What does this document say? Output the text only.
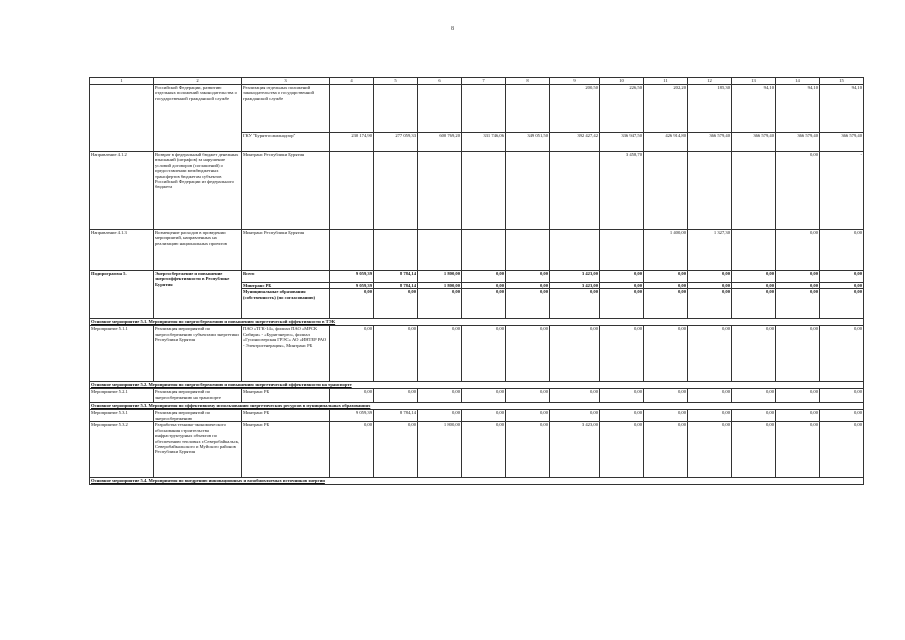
8
1	2	3	4	5	6	7	8	9	10	11	12	13	14	15
	Российской Федерации, развитию отдельных положений законодательства о государственной гражданской службе	Реализация отдельных положений законодательства о государственной гражданской службе						200,50	226,50	202,20	185,30	94,10	94,10	94,10
		ГКУ "Бурятгосжилнадзор"	230 174,90	277 059,33	600 769,20	331 746,06	349 051,50	392 427,42	336 947,50	426 914,80	366 579,40	366 579,40	366 579,40	366 579,40
Направление 4.1.2	Возврат в федеральный бюджет денежных взысканий (штрафов) за нарушение условий договоров (соглашений) о предоставлении межбюджетных трансфертов бюджетам субъектов Российской Федерации из федерального бюджета	Минтранс Республики Бурятия							3 458,70				0,00	-
Направление 4.1.3	Возмещение расходов в проведении мероприятий, направленных на реализацию национальных проектов	Минтранс Республики Бурятия								1 400,00	1 327,30		0,00	0,00
Подпрограмма 5.	Энергосбережение и повышение энергоэффективности в Республике Бурятия	Всего	9 059,39	8 784,14	1 800,00	0,00	0,00	3 423,00	0,00	0,00	0,00	0,00	0,00	0,00
		Минтранс РБ	9 059,39	8 784,14	1 800,00	0,00	0,00	3 423,00	0,00	0,00	0,00	0,00	0,00	0,00
		Муниципальные образования (собственность) (по согласованию)	0,00	0,00	0,00	0,00	0,00	0,00	0,00	0,00	0,00	0,00	0,00	0,00
Основное мероприятие 5.1. Мероприятия по энергосбережению и повышению энергетической эффективности в ТЭК														
Мероприятие 5.1.1	Реализация мероприятий по энергосбережению субъектами энергетики Республики Бурятия	ПАО «ТГК-14», филиал ПАО «МРСК Сибири» - «Бурятэнерго», филиал «Гусиноозерская ГРЭС» АО «ИНТЕР РАО - Электрогенерация», Минтранс РБ	0,00	0,00	0,00	0,00	0,00	0,00	0,00	0,00	0,00	0,00	0,00	0,00
Основное мероприятие 5.2. Мероприятия по энергосбережению и повышению энергетической эффективности на транспорте														
Мероприятие 5.2.1	Реализация мероприятий по энергосбережению на транспорте	Минтранс РБ	0,00	0,00	0,00	0,00	0,00	0,00	0,00	0,00	0,00	0,00	0,00	0,00
Основное мероприятие 5.3. Мероприятия по эффективному использованию энергетических ресурсов в муниципальных образованиях														
Мероприятие 5.3.1	Реализация мероприятий по энергосбережению	Минтранс РБ	9 059,39	8 784,14	0,00	0,00	0,00	0,00	0,00	0,00	0,00	0,00	0,00	0,00
Мероприятие 5.3.2	Разработка технико-экономического обоснования строительства инфраструктурных объектов по обеспечению тепловых г.Северобайкальск, Северобайкальского и Муйского районов Республики Бурятия	Минтранс РБ	0,00	0,00	1 800,00	0,00	0,00	3 423,00	0,00	0,00	0,00	0,00	0,00	0,00
Основное мероприятие 5.4. Мероприятия по внедрению инновационных и возобновляемых источников энергии														
